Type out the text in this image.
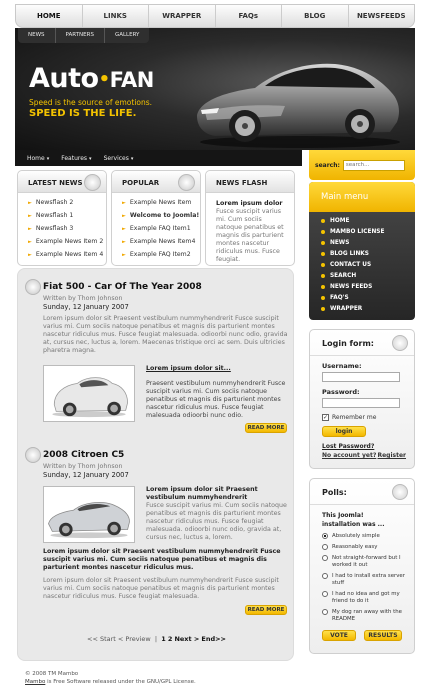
HOME	LINKS	WRAPPER	FAQs	BLOG	NEWSFEEDS
NEWS	PARTNERS	GALLERY
Auto•FAN
Speed is the source of emotions.
SPEED IS THE LIFE.
Home ▾ Features ▾ Services ▾
search:
search...
Main menu
HOME
MAMBO LICENSE
NEWS
BLOG LINKS
CONTACT US
SEARCH
NEWS FEEDS
FAQ'S
WRAPPER
Login form:
Username:
Password:
✓ Remember me
login
Lost Password?
No account yet? Register
Polls:
This Joomla! installation was ...
Absolutely simple
Reasonably easy
Not straight-forward but I worked it out
I had to install extra server stuff
I had no idea and got my friend to do it
My dog ran away with the README
VOTE	RESULTS
LATEST NEWS
► Newsflash 2
► Newsflash 1
► Newsflash 3
► Example News Item 2
► Example News Item 4
POPULAR
► Example News Item
► Welcome to Joomla!
► Example FAQ Item1
► Example News Item4
► Example FAQ Item2
NEWS FLASH
Lorem ipsum dolor
Fusce suscipit varius mi. Cum sociis natoque penatibus et magnis dis parturient montes nascetur ridiculus mus. Fusce feugiat.
Fiat 500 - Car Of The Year 2008
Written by Thom Johnson
Sunday, 12 January 2007
Lorem ipsum dolor sit Praesent vestibulum nummyhendrerit Fusce suscipit varius mi. Cum sociis natoque penatibus et magnis dis parturient montes nascetur ridiculus mus. Fusce feugiat malesuada. odioorbi nunc odio, gravida at, cursus nec, luctus a, lorem. Maecenas tristique orci ac sem. Duis ultricies pharetra magna.
Lorem ipsum dolor sit...
Praesent vestibulum nummyhendrerit Fusce suscipit varius mi. Cum sociis natoque penatibus et magnis dis parturient montes nascetur ridiculus mus. Fusce feugiat malesuada odioorbi nunc odio.
READ MORE
2008 Citroen C5
Written by Thom Johnson
Sunday, 12 January 2007
Lorem ipsum dolor sit Praesent vestibulum nummyhendrerit
Fusce suscipit varius mi. Cum sociis natoque penatibus et magnis dis parturient montes nascetur ridiculus mus. Fusce feugiat malesuada. odioorbi nunc odio, gravida at, cursus nec, luctus a, lorem.
Lorem ipsum dolor sit Praesent vestibulum nummyhendrerit Fusce suscipit varius mi. Cum sociis natoque penatibus et magnis dis parturient montes nascetur ridiculus mus.
Lorem ipsum dolor sit Praesent vestibulum nummyhendrerit Fusce suscipit varius mi. Cum sociis natoque penatibus et magnis dis parturient montes nascetur ridiculus mus. Fusce feugiat malesuada.
READ MORE
<< Start < Preview  |  1 2 Next > End>>
© 2008 TM Mambo
Mambo is Free Software released under the GNU/GPL License.
